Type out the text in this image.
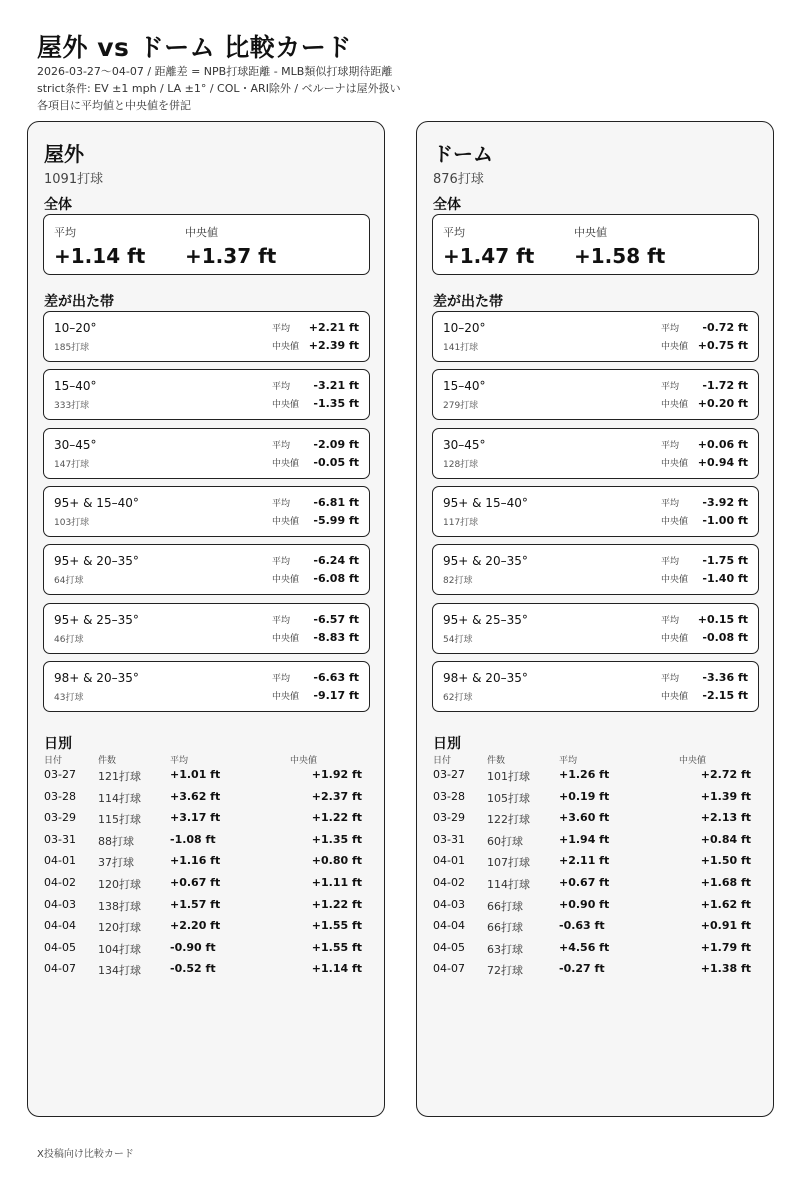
屋外 vs ドーム 比較カード
2026-03-27〜04-07 / 距離差 = NPB打球距離 - MLB類似打球期待距離
strict条件: EV ±1 mph / LA ±1° / COL・ARI除外 / ベルーナは屋外扱い
各項目に平均値と中央値を併記
屋外
1091打球
全体
平均
+1.14 ft
中央値
+1.37 ft
差が出た帯
10–20°
185打球
平均
中央値
+2.21 ft
+2.39 ft
15–40°
333打球
平均
中央値
-3.21 ft
-1.35 ft
30–45°
147打球
平均
中央値
-2.09 ft
-0.05 ft
95+ & 15–40°
103打球
平均
中央値
-6.81 ft
-5.99 ft
95+ & 20–35°
64打球
平均
中央値
-6.24 ft
-6.08 ft
95+ & 25–35°
46打球
平均
中央値
-6.57 ft
-8.83 ft
98+ & 20–35°
43打球
平均
中央値
-6.63 ft
-9.17 ft
日別
日付	件数	平均	中央値
03-27 121打球	+1.01 ft	+1.92 ft
03-28 114打球	+3.62 ft	+2.37 ft
03-29 115打球	+3.17 ft	+1.22 ft
03-31 88打球	-1.08 ft	+1.35 ft
04-01 37打球	+1.16 ft	+0.80 ft
04-02 120打球	+0.67 ft	+1.11 ft
04-03 138打球	+1.57 ft	+1.22 ft
04-04 120打球	+2.20 ft	+1.55 ft
04-05 104打球	-0.90 ft	+1.55 ft
04-07 134打球	-0.52 ft	+1.14 ft
ドーム
876打球
全体
平均
+1.47 ft
中央値
+1.58 ft
差が出た帯
10–20°
141打球
平均
中央値
-0.72 ft
+0.75 ft
15–40°
279打球
平均
中央値
-1.72 ft
+0.20 ft
30–45°
128打球
平均
中央値
+0.06 ft
+0.94 ft
95+ & 15–40°
117打球
平均
中央値
-3.92 ft
-1.00 ft
95+ & 20–35°
82打球
平均
中央値
-1.75 ft
-1.40 ft
95+ & 25–35°
54打球
平均
中央値
+0.15 ft
-0.08 ft
98+ & 20–35°
62打球
平均
中央値
-3.36 ft
-2.15 ft
日別
日付	件数	平均	中央値
03-27 101打球	+1.26 ft	+2.72 ft
03-28 105打球	+0.19 ft	+1.39 ft
03-29 122打球	+3.60 ft	+2.13 ft
03-31 60打球	+1.94 ft	+0.84 ft
04-01 107打球	+2.11 ft	+1.50 ft
04-02 114打球	+0.67 ft	+1.68 ft
04-03 66打球	+0.90 ft	+1.62 ft
04-04 66打球	-0.63 ft	+0.91 ft
04-05 63打球	+4.56 ft	+1.79 ft
04-07 72打球	-0.27 ft	+1.38 ft
X投稿向け比較カード
